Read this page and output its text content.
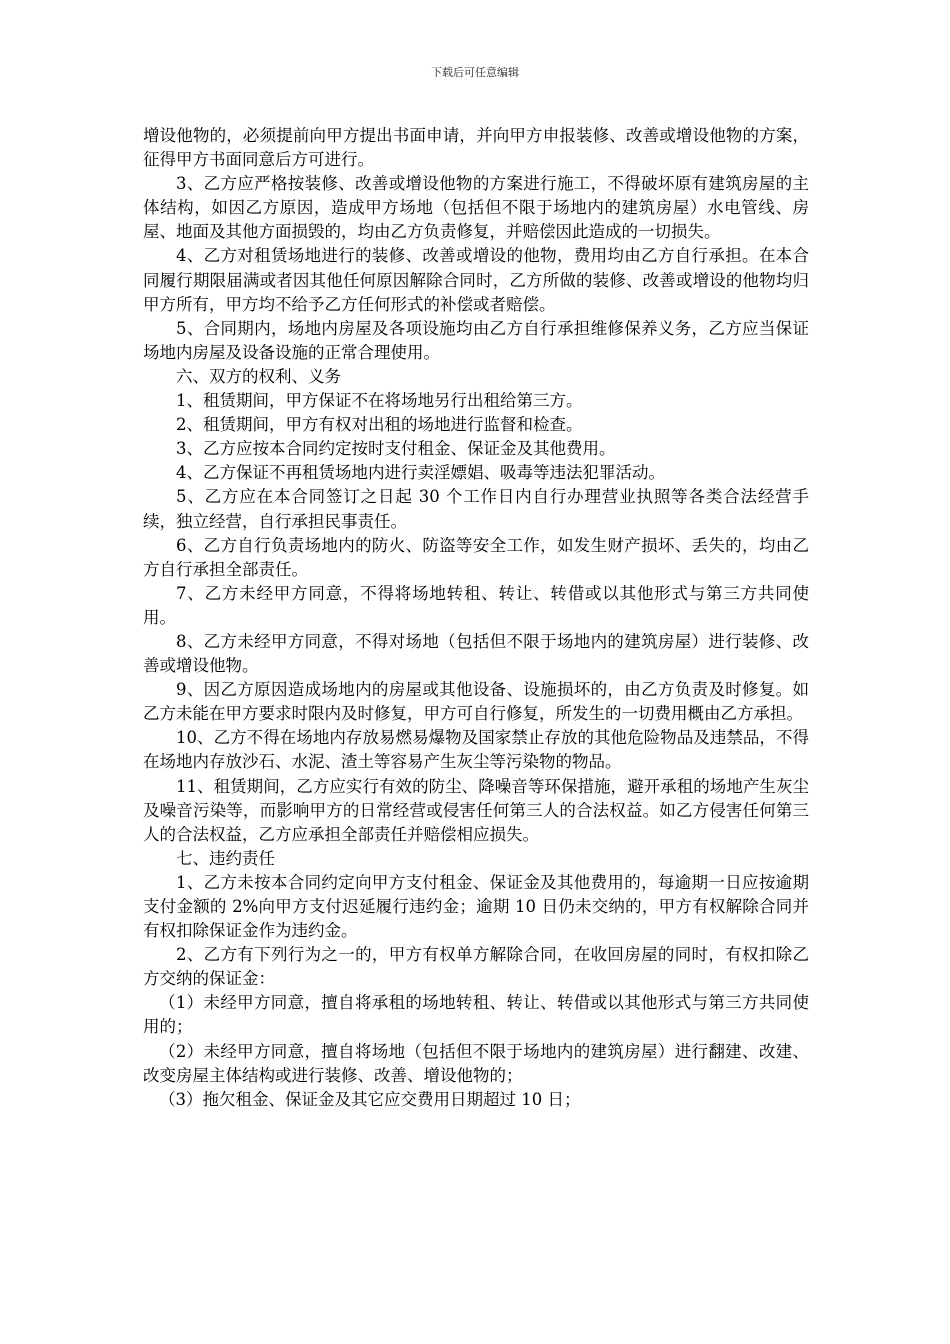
下载后可任意编辑

增设他物的，必须提前向甲方提出书面申请，并向甲方申报装修、改善或增设他物的方案，征得甲方书面同意后方可进行。

3、乙方应严格按装修、改善或增设他物的方案进行施工，不得破坏原有建筑房屋的主体结构，如因乙方原因，造成甲方场地（包括但不限于场地内的建筑房屋）水电管线、房屋、地面及其他方面损毁的，均由乙方负责修复，并赔偿因此造成的一切损失。

4、乙方对租赁场地进行的装修、改善或增设的他物，费用均由乙方自行承担。在本合同履行期限届满或者因其他任何原因解除合同时，乙方所做的装修、改善或增设的他物均归甲方所有，甲方均不给予乙方任何形式的补偿或者赔偿。

5、合同期内，场地内房屋及各项设施均由乙方自行承担维修保养义务，乙方应当保证场地内房屋及设备设施的正常合理使用。

六、双方的权利、义务

1、租赁期间，甲方保证不在将场地另行出租给第三方。

2、租赁期间，甲方有权对出租的场地进行监督和检查。

3、乙方应按本合同约定按时支付租金、保证金及其他费用。

4、乙方保证不再租赁场地内进行卖淫嫖娼、吸毒等违法犯罪活动。

5、乙方应在本合同签订之日起 30 个工作日内自行办理营业执照等各类合法经营手续，独立经营，自行承担民事责任。

6、乙方自行负责场地内的防火、防盗等安全工作，如发生财产损坏、丢失的，均由乙方自行承担全部责任。

7、乙方未经甲方同意，不得将场地转租、转让、转借或以其他形式与第三方共同使用。

8、乙方未经甲方同意，不得对场地（包括但不限于场地内的建筑房屋）进行装修、改善或增设他物。

9、因乙方原因造成场地内的房屋或其他设备、设施损坏的，由乙方负责及时修复。如乙方未能在甲方要求时限内及时修复，甲方可自行修复，所发生的一切费用概由乙方承担。

10、乙方不得在场地内存放易燃易爆物及国家禁止存放的其他危险物品及违禁品，不得在场地内存放沙石、水泥、渣土等容易产生灰尘等污染物的物品。

11、租赁期间，乙方应实行有效的防尘、降噪音等环保措施，避开承租的场地产生灰尘及噪音污染等，而影响甲方的日常经营或侵害任何第三人的合法权益。如乙方侵害任何第三人的合法权益，乙方应承担全部责任并赔偿相应损失。

七、违约责任

1、乙方未按本合同约定向甲方支付租金、保证金及其他费用的，每逾期一日应按逾期支付金额的 2%向甲方支付迟延履行违约金；逾期 10 日仍未交纳的，甲方有权解除合同并有权扣除保证金作为违约金。

2、乙方有下列行为之一的，甲方有权单方解除合同，在收回房屋的同时，有权扣除乙方交纳的保证金：

（1）未经甲方同意，擅自将承租的场地转租、转让、转借或以其他形式与第三方共同使用的；

（2）未经甲方同意，擅自将场地（包括但不限于场地内的建筑房屋）进行翻建、改建、改变房屋主体结构或进行装修、改善、增设他物的；

（3）拖欠租金、保证金及其它应交费用日期超过 10 日；
